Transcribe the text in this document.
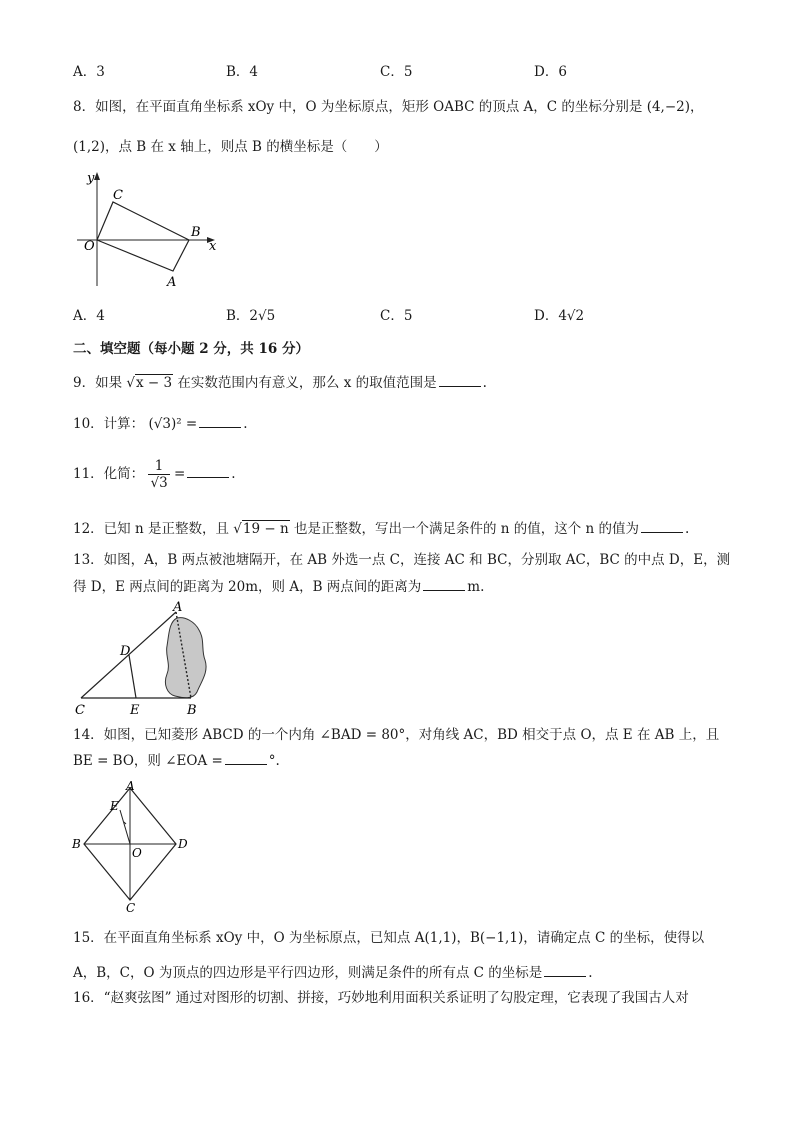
A．3	B．4	C．5	D．6
8．如图，在平面直角坐标系 xOy 中，O 为坐标原点，矩形 OABC 的顶点 A，C 的坐标分别是 (4,−2)，
(1,2)，点 B 在 x 轴上，则点 B 的横坐标是（　　）
y
x
O
C
B
A
A．4	B．2√5	C．5	D．4√2
二、填空题（每小题 2 分，共 16 分）
9．如果 √x − 3 在实数范围内有意义，那么 x 的取值范围是	.
10．计算： (√3)² =	.
11．化简： $\frac{1}{√3}$ =	.
12．已知 n 是正整数，且 √19 − n 也是正整数，写出一个满足条件的 n 的值，这个 n 的值为	.
13．如图，A，B 两点被池塘隔开，在 AB 外选一点 C，连接 AC 和 BC，分别取 AC，BC 的中点 D，E，测
得 D，E 两点间的距离为 20m，则 A，B 两点间的距离为	m.
A
B
C
D
E
14．如图，已知菱形 ABCD 的一个内角 ∠BAD = 80°，对角线 AC，BD 相交于点 O，点 E 在 AB 上，且
BE = BO，则 ∠EOA =	°.
A
B
C
D
E
O
15．在平面直角坐标系 xOy 中，O 为坐标原点，已知点 A(1,1)，B(−1,1)，请确定点 C 的坐标，使得以
A，B，C，O 为顶点的四边形是平行四边形，则满足条件的所有点 C 的坐标是	.
16．“赵爽弦图” 通过对图形的切割、拼接，巧妙地利用面积关系证明了勾股定理，它表现了我国古人对
